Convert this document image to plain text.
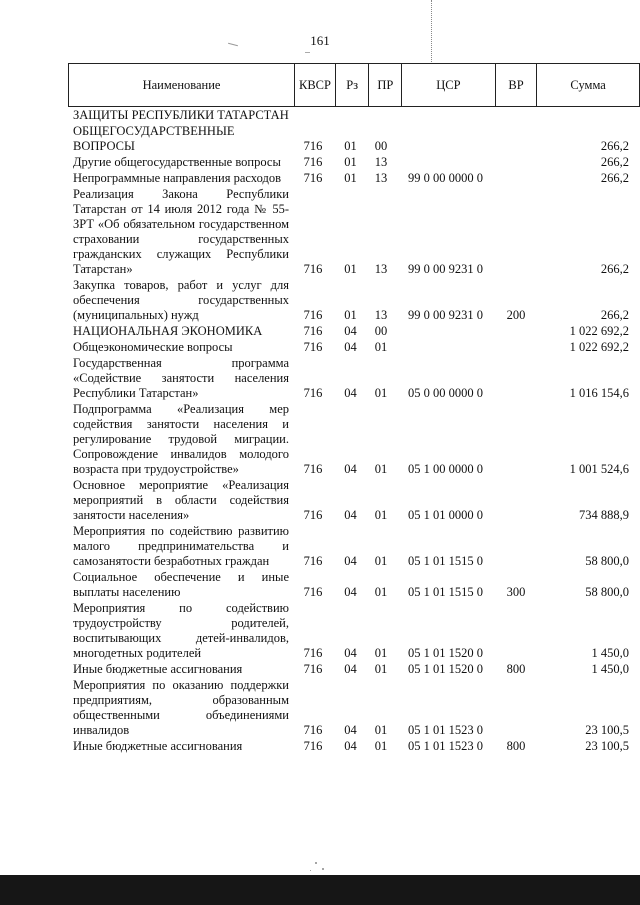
161
Наименование	КВСР	Рз	ПР	ЦСР	ВР	Сумма
ЗАЩИТЫ РЕСПУБЛИКИ ТАТАРСТАН						
ОБЩЕГОСУДАРСТВЕННЫЕ ВОПРОСЫ	716	01	00			266,2
Другие общегосударственные вопросы	716	01	13			266,2
Непрограммные направления расходов	716	01	13	99 0 00 0000 0		266,2
Реализация Закона Республики Татарстан от 14 июля 2012 года № 55-ЗРТ «Об обязательном государственном страховании государственных гражданских служащих Республики Татарстан»	716	01	13	99 0 00 9231 0		266,2
Закупка товаров, работ и услуг для обеспечения государственных (муниципальных) нужд	716	01	13	99 0 00 9231 0	200	266,2
НАЦИОНАЛЬНАЯ ЭКОНОМИКА	716	04	00			1 022 692,2
Общеэкономические вопросы	716	04	01			1 022 692,2
Государственная программа «Содействие занятости населения Республики Татарстан»	716	04	01	05 0 00 0000 0		1 016 154,6
Подпрограмма «Реализация мер содействия занятости населения и регулирование трудовой миграции. Сопровождение инвалидов молодого возраста при трудоустройстве»	716	04	01	05 1 00 0000 0		1 001 524,6
Основное мероприятие «Реализация мероприятий в области содействия занятости населения»	716	04	01	05 1 01 0000 0		734 888,9
Мероприятия по содействию развитию малого предпринимательства и самозанятости безработных граждан	716	04	01	05 1 01 1515 0		58 800,0
Социальное обеспечение и иные выплаты населению	716	04	01	05 1 01 1515 0	300	58 800,0
Мероприятия по содействию трудоустройству родителей, воспитывающих детей-инвалидов, многодетных родителей	716	04	01	05 1 01 1520 0		1 450,0
Иные бюджетные ассигнования	716	04	01	05 1 01 1520 0	800	1 450,0
Мероприятия по оказанию поддержки предприятиям, образованным общественными объединениями инвалидов	716	04	01	05 1 01 1523 0		23 100,5
Иные бюджетные ассигнования	716	04	01	05 1 01 1523 0	800	23 100,5
